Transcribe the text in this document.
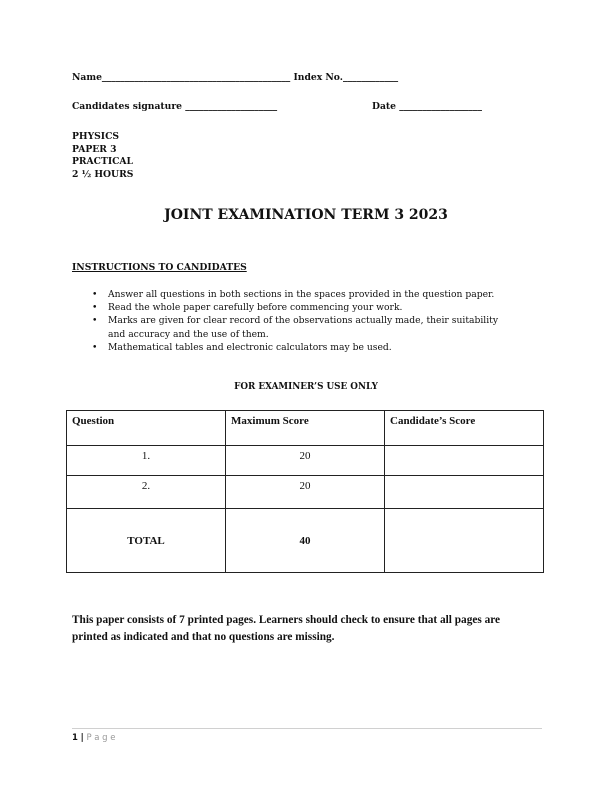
Name_________________________________________ Index No.____________
Candidates signature ____________________	Date __________________
PHYSICS
PAPER 3
PRACTICAL
2 ½ HOURS
JOINT EXAMINATION TERM 3 2023
INSTRUCTIONS TO CANDIDATES
• Answer all questions in both sections in the spaces provided in the question paper.
• Read the whole paper carefully before commencing your work.
• Marks are given for clear record of the observations actually made, their suitability
and accuracy and the use of them.
• Mathematical tables and electronic calculators may be used.
FOR EXAMINER’S USE ONLY
Question	Maximum Score	Candidate’s Score
1.	20	
2.	20	
TOTAL	40	
This paper consists of 7 printed pages. Learners should check to ensure that all pages are
printed as indicated and that no questions are missing.
1 | P a g e
